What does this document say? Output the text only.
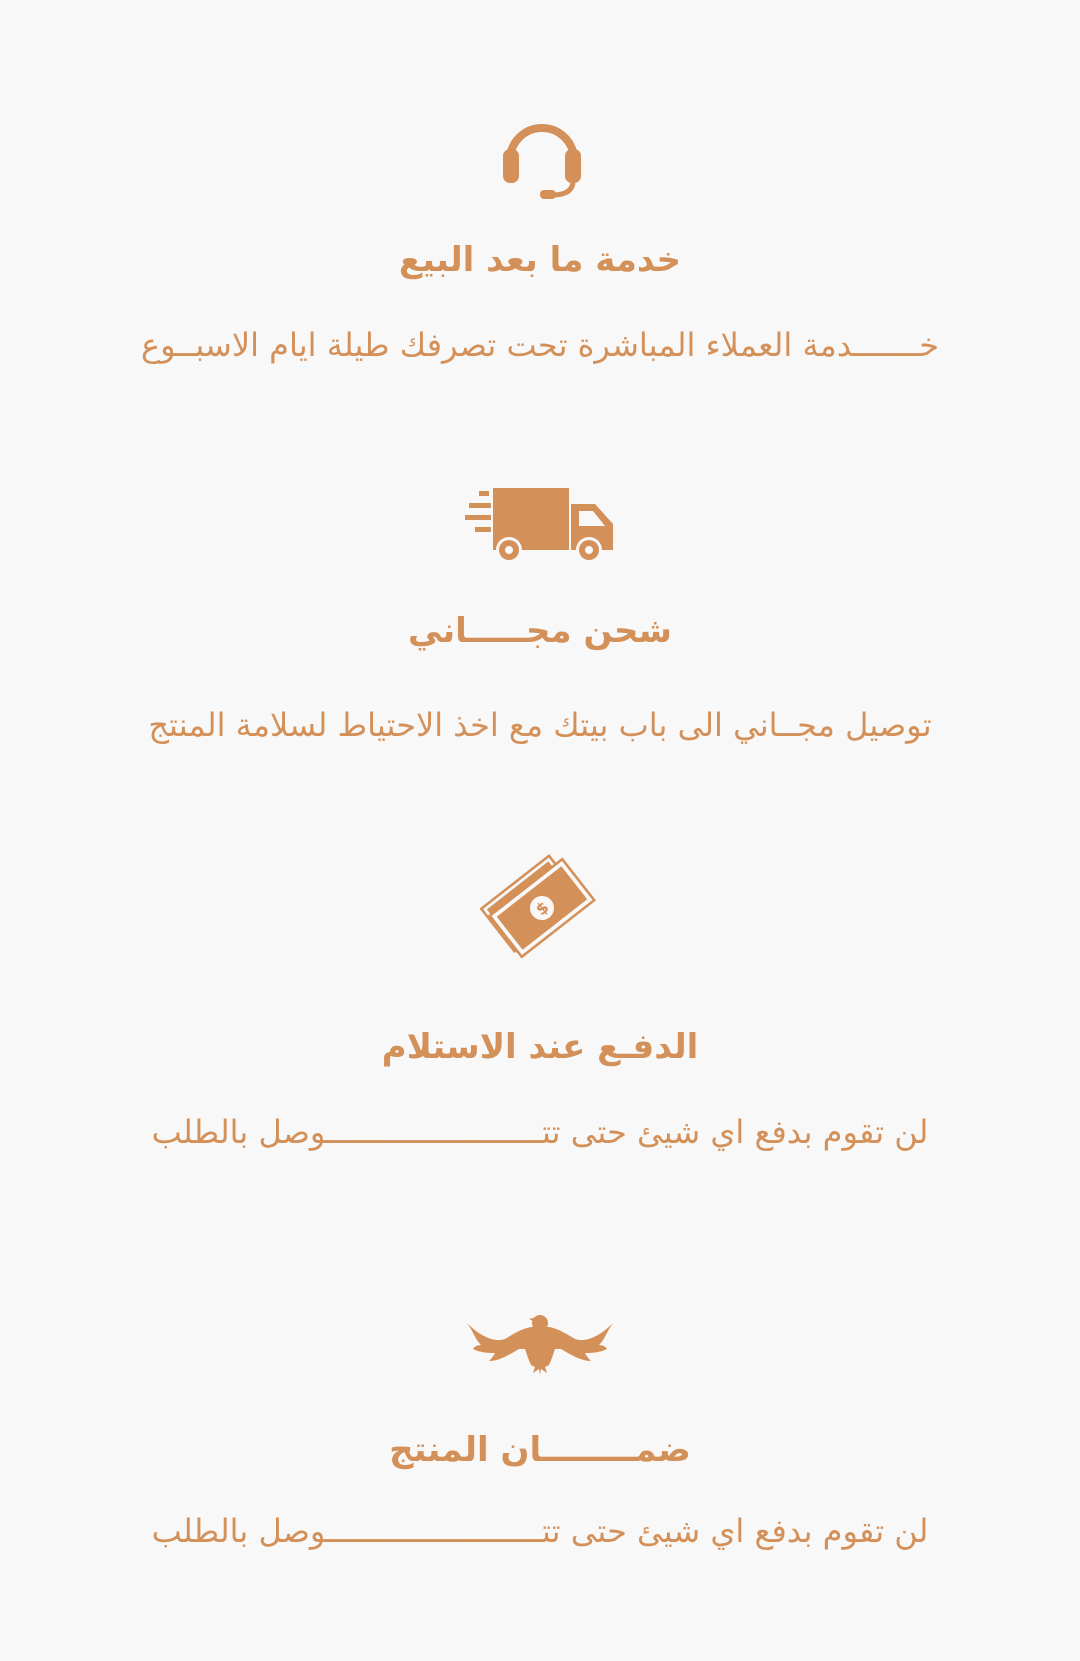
خدمة ما بعد البيع
خـــــــدمة العملاء المباشرة تحت تصرفك طيلة ايام الاسبــوع
شحن مجـــــاني
توصيل مجــاني الى باب بيتك مع اخذ الاحتياط لسلامة المنتج
$
الدفـع عند الاستلام
لن تقوم بدفع اي شيئ حتى تتـــــــــــــــــــــــوصل بالطلب
ضمــــــــان المنتج
لن تقوم بدفع اي شيئ حتى تتـــــــــــــــــــــــوصل بالطلب
